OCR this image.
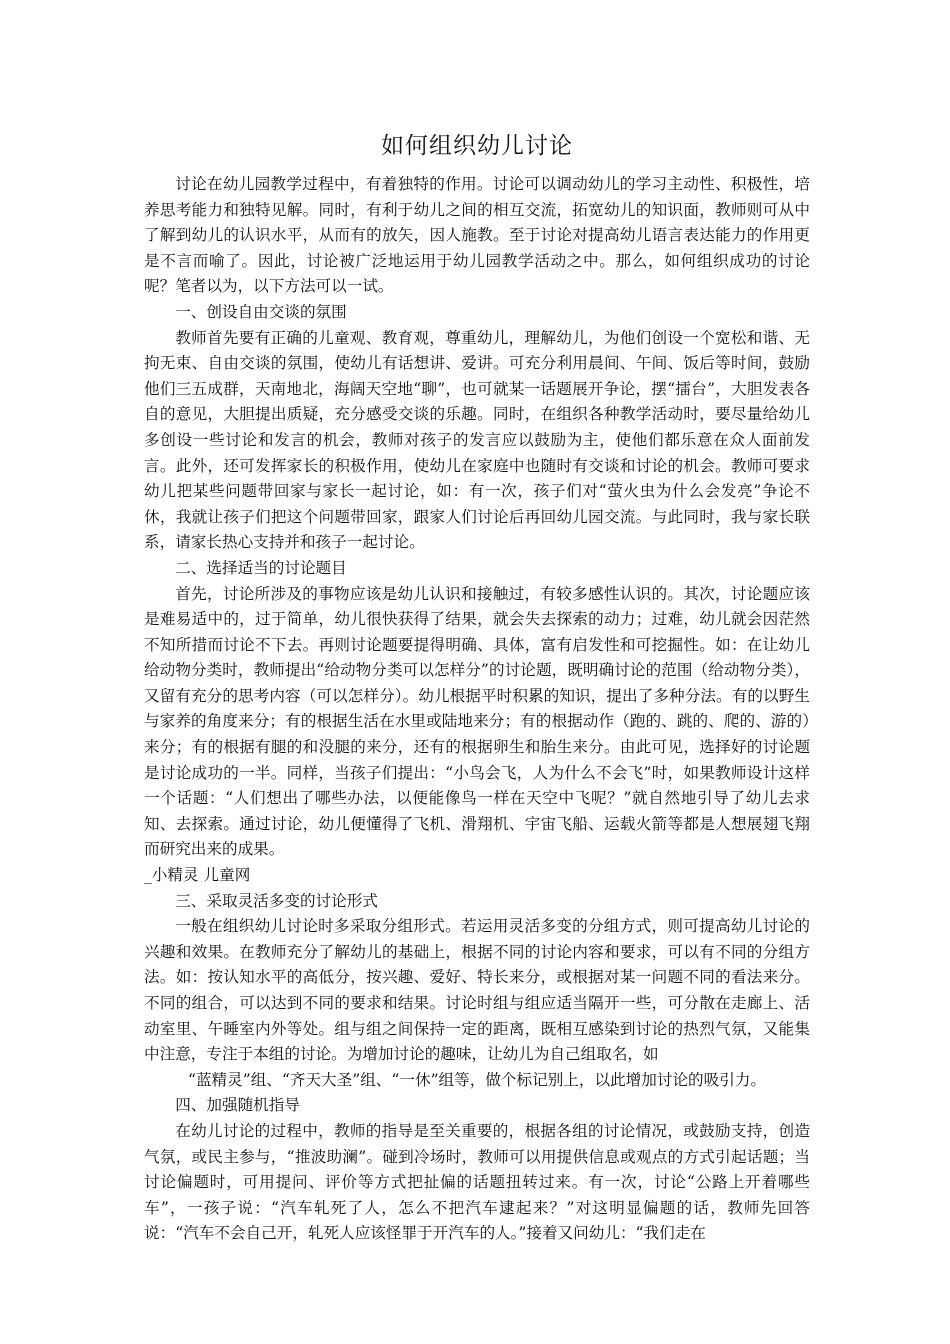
如何组织幼儿讨论

讨论在幼儿园教学过程中，有着独特的作用。讨论可以调动幼儿的学习主动性、积极性，培养思考能力和独特见解。同时，有利于幼儿之间的相互交流，拓宽幼儿的知识面，教师则可从中了解到幼儿的认识水平，从而有的放矢，因人施教。至于讨论对提高幼儿语言表达能力的作用更是不言而喻了。因此，讨论被广泛地运用于幼儿园教学活动之中。那么，如何组织成功的讨论呢？笔者以为，以下方法可以一试。

一、创设自由交谈的氛围

教师首先要有正确的儿童观、教育观，尊重幼儿，理解幼儿，为他们创设一个宽松和谐、无拘无束、自由交谈的氛围，使幼儿有话想讲、爱讲。可充分利用晨间、午间、饭后等时间，鼓励他们三五成群，天南地北，海阔天空地“聊”，也可就某一话题展开争论，摆“擂台”，大胆发表各自的意见，大胆提出质疑，充分感受交谈的乐趣。同时，在组织各种教学活动时，要尽量给幼儿多创设一些讨论和发言的机会，教师对孩子的发言应以鼓励为主，使他们都乐意在众人面前发言。此外，还可发挥家长的积极作用，使幼儿在家庭中也随时有交谈和讨论的机会。教师可要求幼儿把某些问题带回家与家长一起讨论，如：有一次，孩子们对“萤火虫为什么会发亮”争论不休，我就让孩子们把这个问题带回家，跟家人们讨论后再回幼儿园交流。与此同时，我与家长联系，请家长热心支持并和孩子一起讨论。

二、选择适当的讨论题目

首先，讨论所涉及的事物应该是幼儿认识和接触过，有较多感性认识的。其次，讨论题应该是难易适中的，过于简单，幼儿很快获得了结果，就会失去探索的动力；过难，幼儿就会因茫然不知所措而讨论不下去。再则讨论题要提得明确、具体，富有启发性和可挖掘性。如：在让幼儿给动物分类时，教师提出“给动物分类可以怎样分”的讨论题，既明确讨论的范围（给动物分类），又留有充分的思考内容（可以怎样分）。幼儿根据平时积累的知识，提出了多种分法。有的以野生与家养的角度来分；有的根据生活在水里或陆地来分；有的根据动作（跑的、跳的、爬的、游的）来分；有的根据有腿的和没腿的来分，还有的根据卵生和胎生来分。由此可见，选择好的讨论题是讨论成功的一半。同样，当孩子们提出：“小鸟会飞，人为什么不会飞”时，如果教师设计这样一个话题：“人们想出了哪些办法，以便能像鸟一样在天空中飞呢？”就自然地引导了幼儿去求知、去探索。通过讨论，幼儿便懂得了飞机、滑翔机、宇宙飞船、运载火箭等都是人想展翅飞翔而研究出来的成果。

_小精灵 儿童网

三、采取灵活多变的讨论形式

一般在组织幼儿讨论时多采取分组形式。若运用灵活多变的分组方式，则可提高幼儿讨论的兴趣和效果。在教师充分了解幼儿的基础上，根据不同的讨论内容和要求，可以有不同的分组方法。如：按认知水平的高低分，按兴趣、爱好、特长来分，或根据对某一问题不同的看法来分。不同的组合，可以达到不同的要求和结果。讨论时组与组应适当隔开一些，可分散在走廊上、活动室里、午睡室内外等处。组与组之间保持一定的距离，既相互感染到讨论的热烈气氛，又能集中注意，专注于本组的讨论。为增加讨论的趣味，让幼儿为自己组取名，如

“蓝精灵”组、“齐天大圣”组、“一休”组等，做个标记别上，以此增加讨论的吸引力。

四、加强随机指导

在幼儿讨论的过程中，教师的指导是至关重要的，根据各组的讨论情况，或鼓励支持，创造气氛，或民主参与，“推波助澜”。碰到冷场时，教师可以用提供信息或观点的方式引起话题；当讨论偏题时，可用提问、评价等方式把扯偏的话题扭转过来。有一次，讨论“公路上开着哪些车”，一孩子说：“汽车轧死了人，怎么不把汽车逮起来？”对这明显偏题的话，教师先回答说：“汽车不会自己开，轧死人应该怪罪于开汽车的人。”接着又问幼儿：“我们走在
